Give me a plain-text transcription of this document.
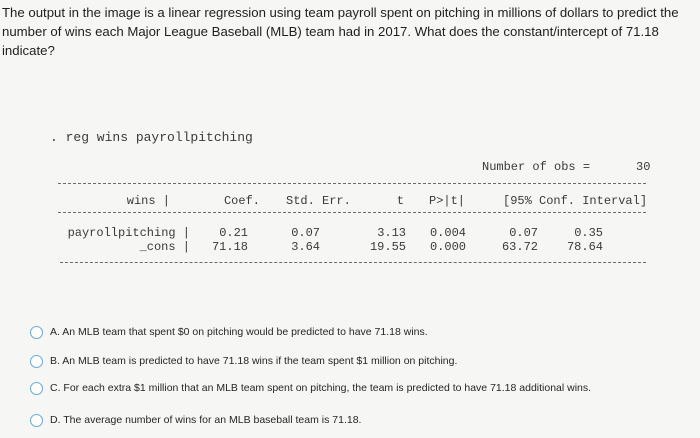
The output in the image is a linear regression using team payroll spent on pitching in millions of dollars to predict the number of wins each Major League Baseball (MLB) team had in 2017. What does the constant/intercept of 71.18 indicate?
. reg wins payrollpitching
Number of obs =	30
wins |	Coef. Std. Err.	t P>|t|	[95% Conf. Interval]
payrollpitching |	0.21	0.07	3.13	0.004	0.07	0.35
_cons |	71.18	3.64	19.55	0.000	63.72	78.64
A. An MLB team that spent $0 on pitching would be predicted to have 71.18 wins.
B. An MLB team is predicted to have 71.18 wins if the team spent $1 million on pitching.
C. For each extra $1 million that an MLB team spent on pitching, the team is predicted to have 71.18 additional wins.
D. The average number of wins for an MLB baseball team is 71.18.
